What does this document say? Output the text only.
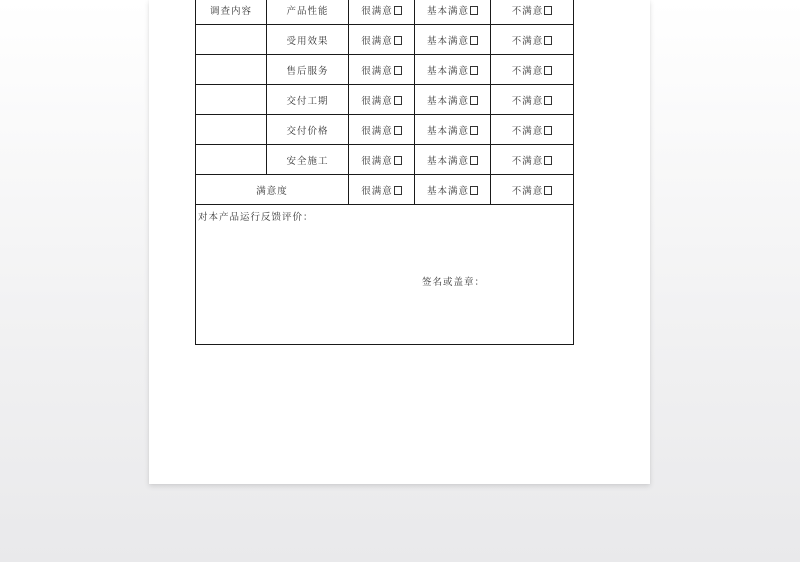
调查内容	产品性能	很满意	基本满意	不满意
	受用效果	很满意	基本满意	不满意
	售后服务	很满意	基本满意	不满意
	交付工期	很满意	基本满意	不满意
	交付价格	很满意	基本满意	不满意
	安全施工	很满意	基本满意	不满意
满意度		很满意	基本满意	不满意

对本产品运行反馈评价：
签名或盖章：				
